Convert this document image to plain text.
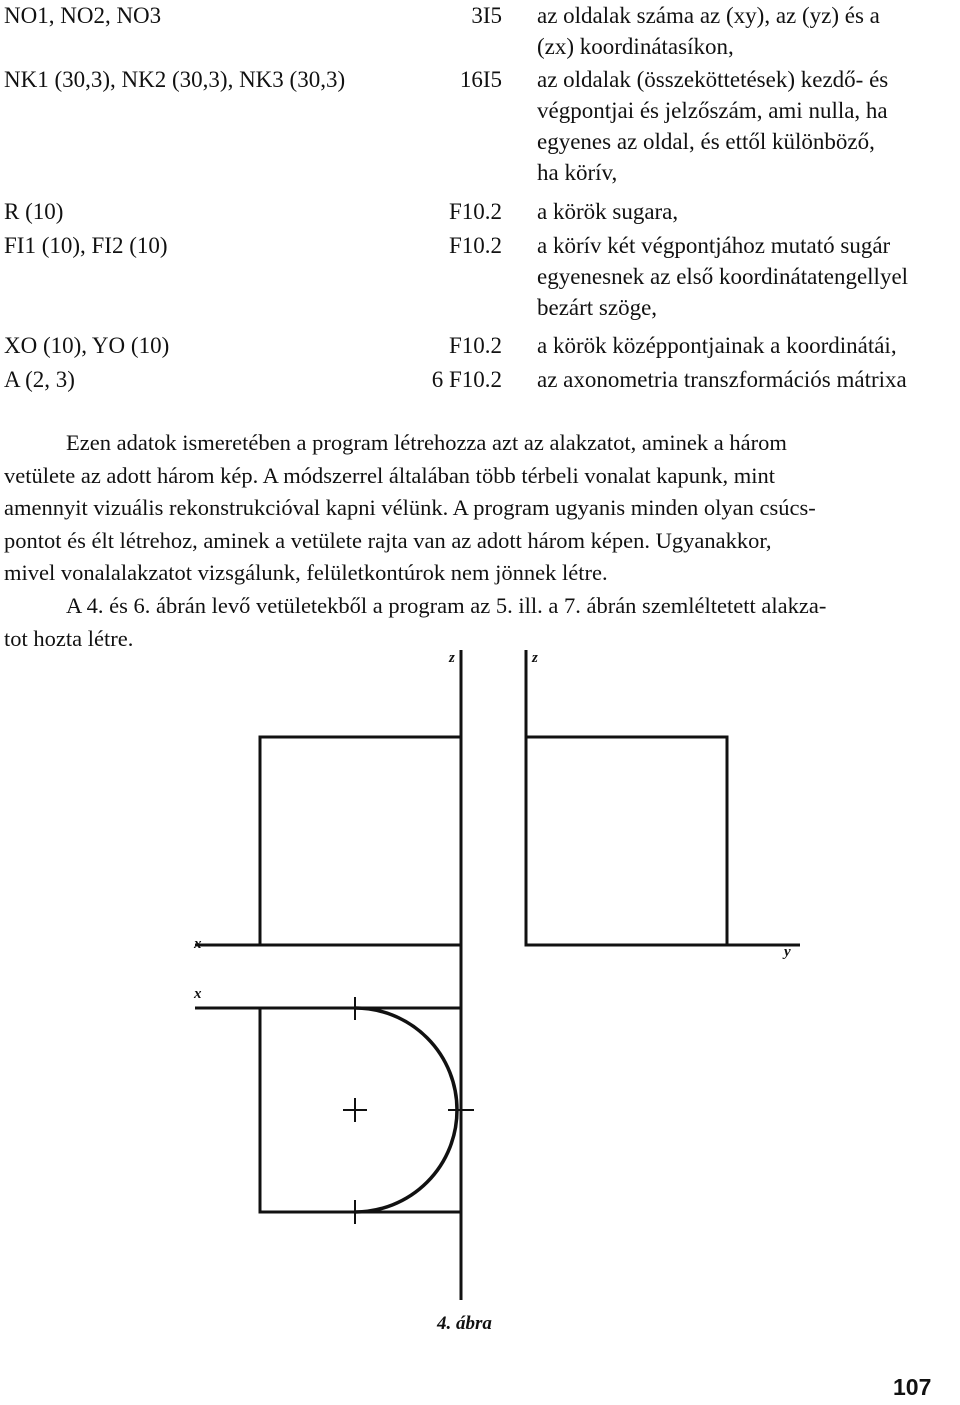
NO1, NO2, NO3	3I5 az oldalak száma az (xy), az (yz) és a
(zx) koordinátasíkon,
NK1 (30,3), NK2 (30,3), NK3 (30,3)	16I5 az oldalak (összeköttetések) kezdő- és
végpontjai és jelzőszám, ami nulla, ha
egyenes az oldal, és ettől különböző,
ha körív,
R (10)	F10.2 a körök sugara,
FI1 (10), FI2 (10)	F10.2 a körív két végpontjához mutató sugár
egyenesnek az első koordinátatengellyel
bezárt szöge,
XO (10), YO (10)	F10.2 a körök középpontjainak a koordinátái,
A (2, 3)	6 F10.2 az axonometria transzformációs mátrixa
Ezen adatok ismeretében a program létrehozza azt az alakzatot, aminek a három
vetülete az adott három kép. A módszerrel általában több térbeli vonalat kapunk, mint
amennyit vizuális rekonstrukcióval kapni vélünk. A program ugyanis minden olyan csúcs-
pontot és élt létrehoz, aminek a vetülete rajta van az adott három képen. Ugyanakkor,
mivel vonalalakzatot vizsgálunk, felületkontúrok nem jönnek létre.
A 4. és 6. ábrán levő vetületekből a program az 5. ill. a 7. ábrán szemléltetett alakza-
tot hozta létre.
z	z
x	y
x
4. ábra
107
